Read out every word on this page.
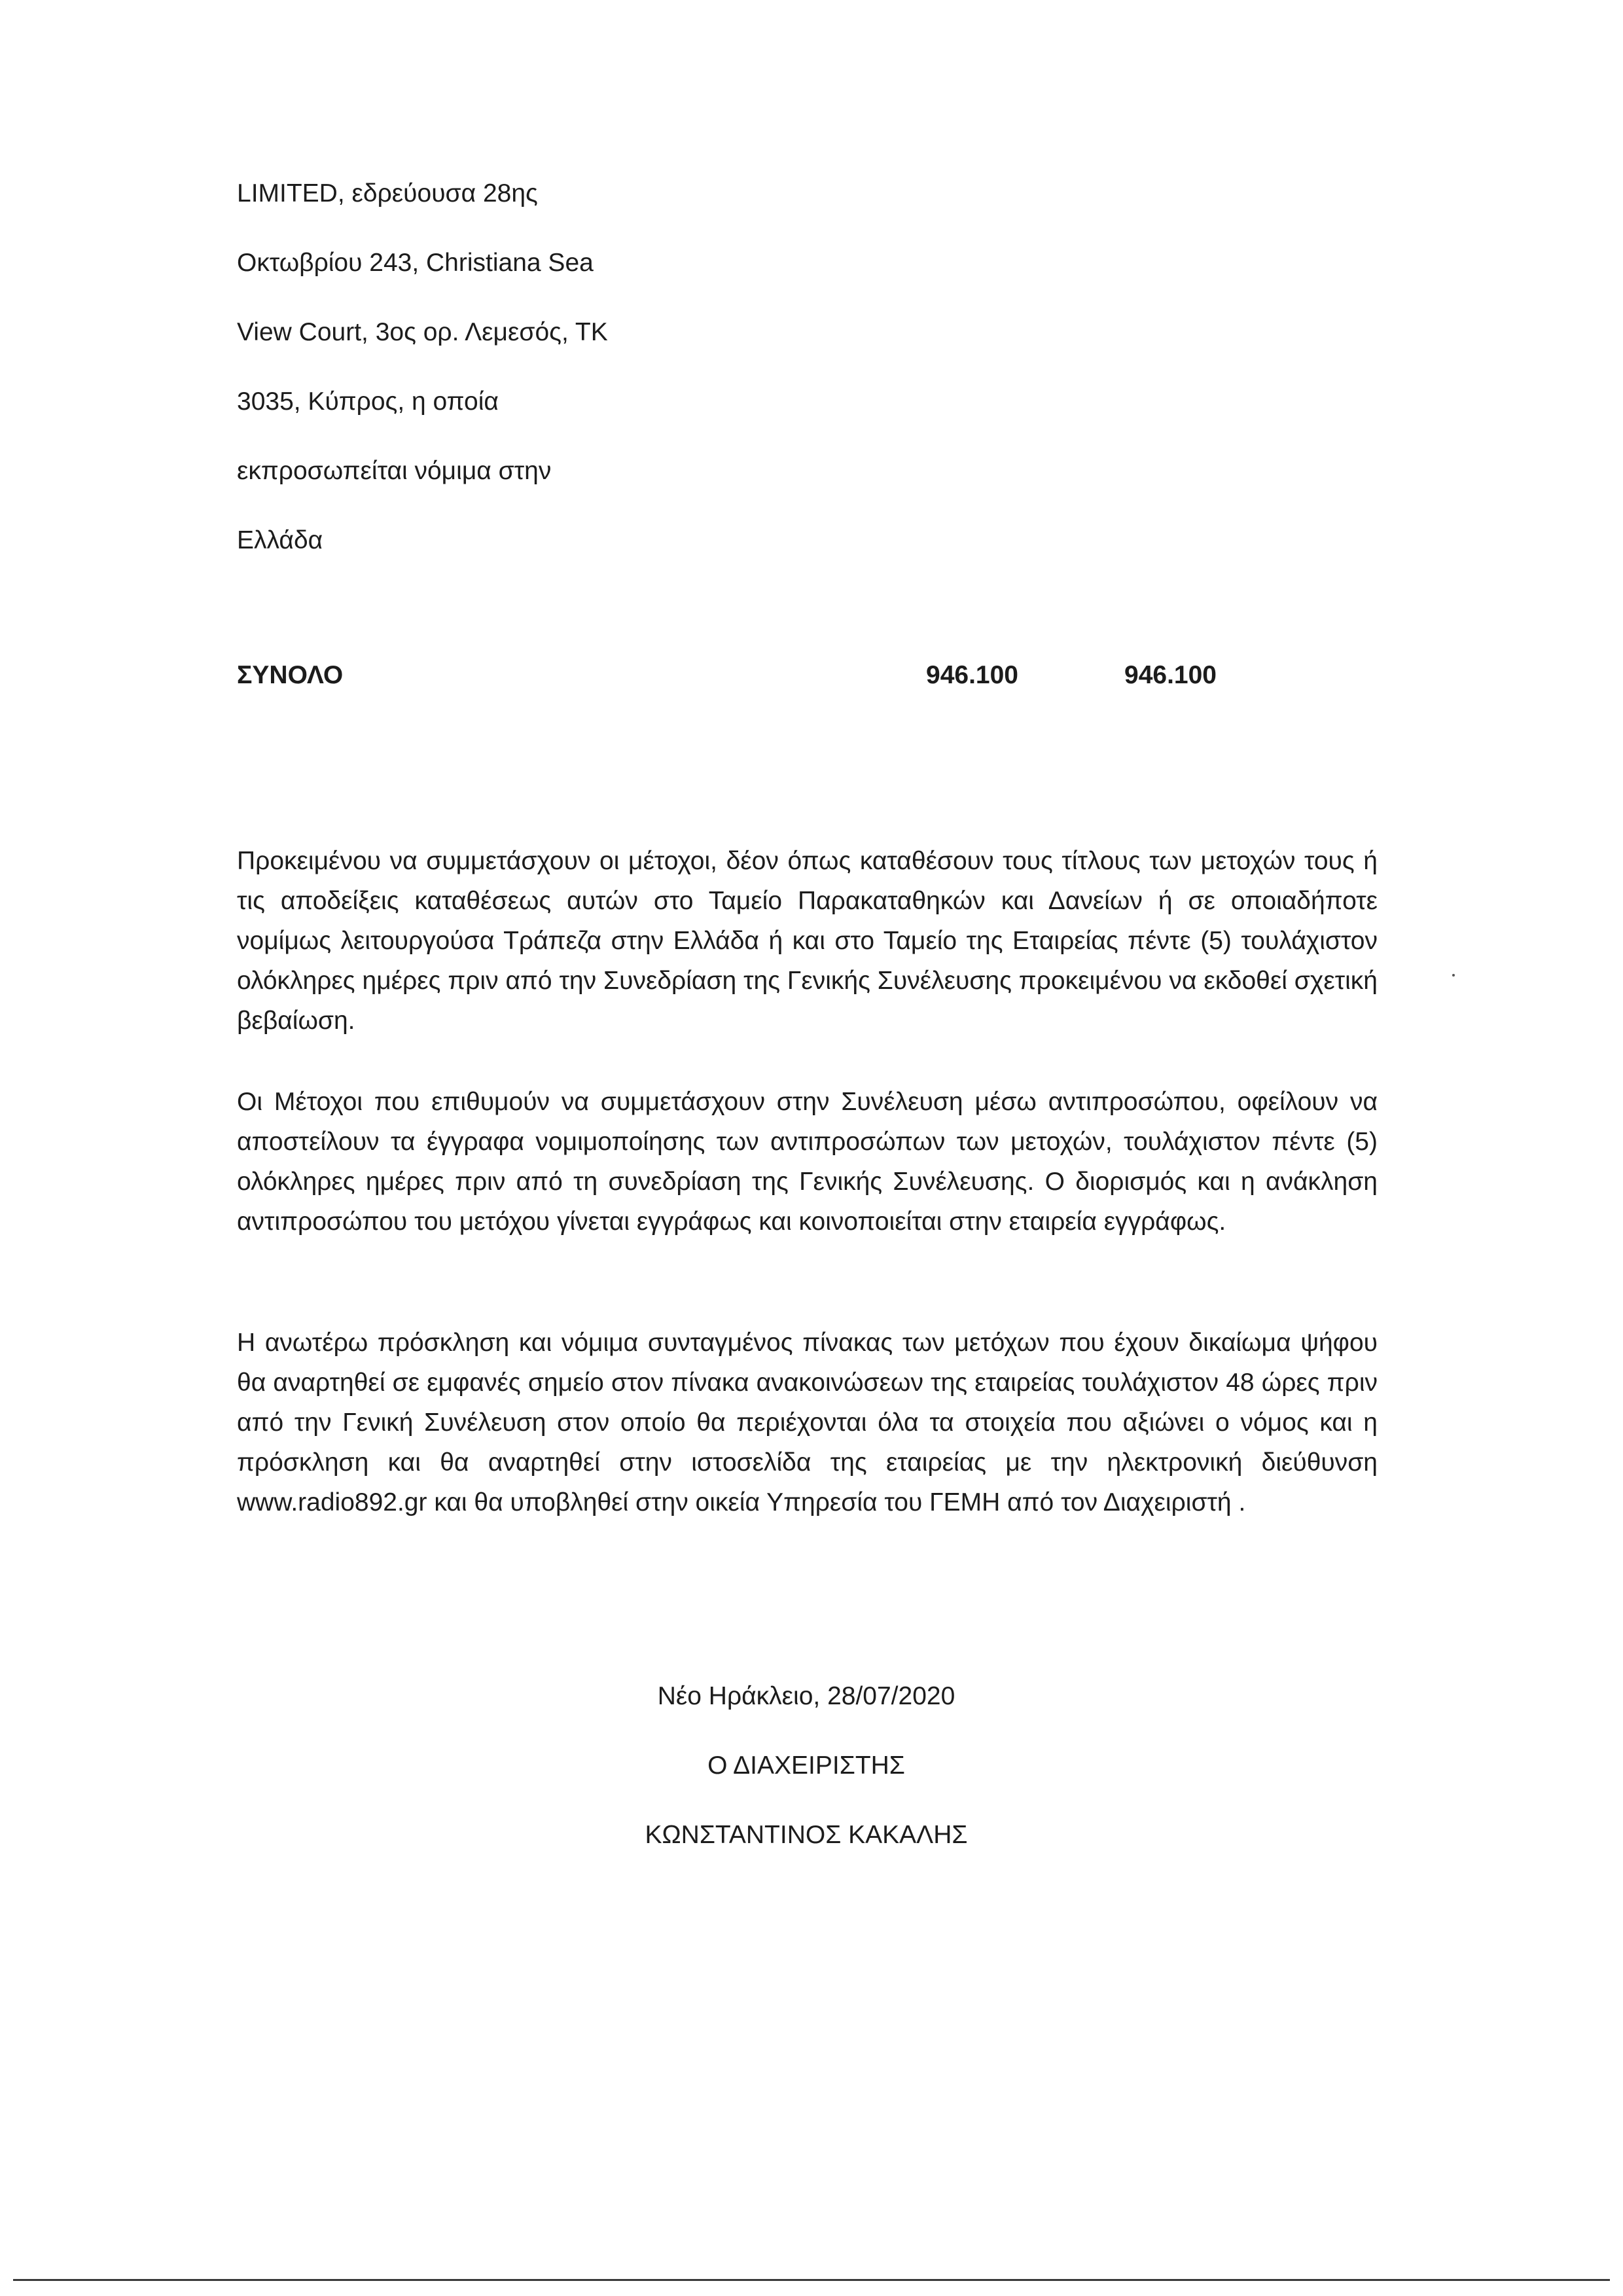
LIMITED, εδρεύουσα 28ης
Οκτωβρίου 243, Christiana Sea
View Court, 3ος ορ. Λεμεσός, ΤΚ
3035, Κύπρος, η οποία
εκπροσωπείται νόμιμα στην
Ελλάδα
ΣΥΝΟΛΟ	946.100	946.100

Προκειμένου να συμμετάσχουν οι μέτοχοι, δέον όπως καταθέσουν τους τίτλους των μετοχών τους ή τις αποδείξεις καταθέσεως αυτών στο Ταμείο Παρακαταθηκών και Δανείων ή σε οποιαδήποτε νομίμως λειτουργούσα Τράπεζα στην Ελλάδα ή και στο Ταμείο της Εταιρείας πέντε (5) τουλάχιστον ολόκληρες ημέρες πριν από την Συνεδρίαση της Γενικής Συνέλευσης προκειμένου να εκδοθεί σχετική βεβαίωση.

Οι Μέτοχοι που επιθυμούν να συμμετάσχουν στην Συνέλευση μέσω αντιπροσώπου, οφείλουν να αποστείλουν τα έγγραφα νομιμοποίησης των αντιπροσώπων των μετοχών, τουλάχιστον πέντε (5) ολόκληρες ημέρες πριν από τη συνεδρίαση της Γενικής Συνέλευσης. Ο διορισμός και η ανάκληση αντιπροσώπου του μετόχου γίνεται εγγράφως και κοινοποιείται στην εταιρεία εγγράφως.

Η ανωτέρω πρόσκληση και νόμιμα συνταγμένος πίνακας των μετόχων που έχουν δικαίωμα ψήφου θα αναρτηθεί σε εμφανές σημείο στον πίνακα ανακοινώσεων της εταιρείας τουλάχιστον 48 ώρες πριν από την Γενική Συνέλευση στον οποίο θα περιέχονται όλα τα στοιχεία που αξιώνει ο νόμος και η πρόσκληση και θα αναρτηθεί στην ιστοσελίδα της εταιρείας με την ηλεκτρονική διεύθυνση www.radio892.gr και θα υποβληθεί στην οικεία Υπηρεσία του ΓΕΜΗ από τον Διαχειριστή .

Νέο Ηράκλειο, 28/07/2020
Ο ΔΙΑΧΕΙΡΙΣΤΗΣ
ΚΩΝΣΤΑΝΤΙΝΟΣ ΚΑΚΑΛΗΣ
